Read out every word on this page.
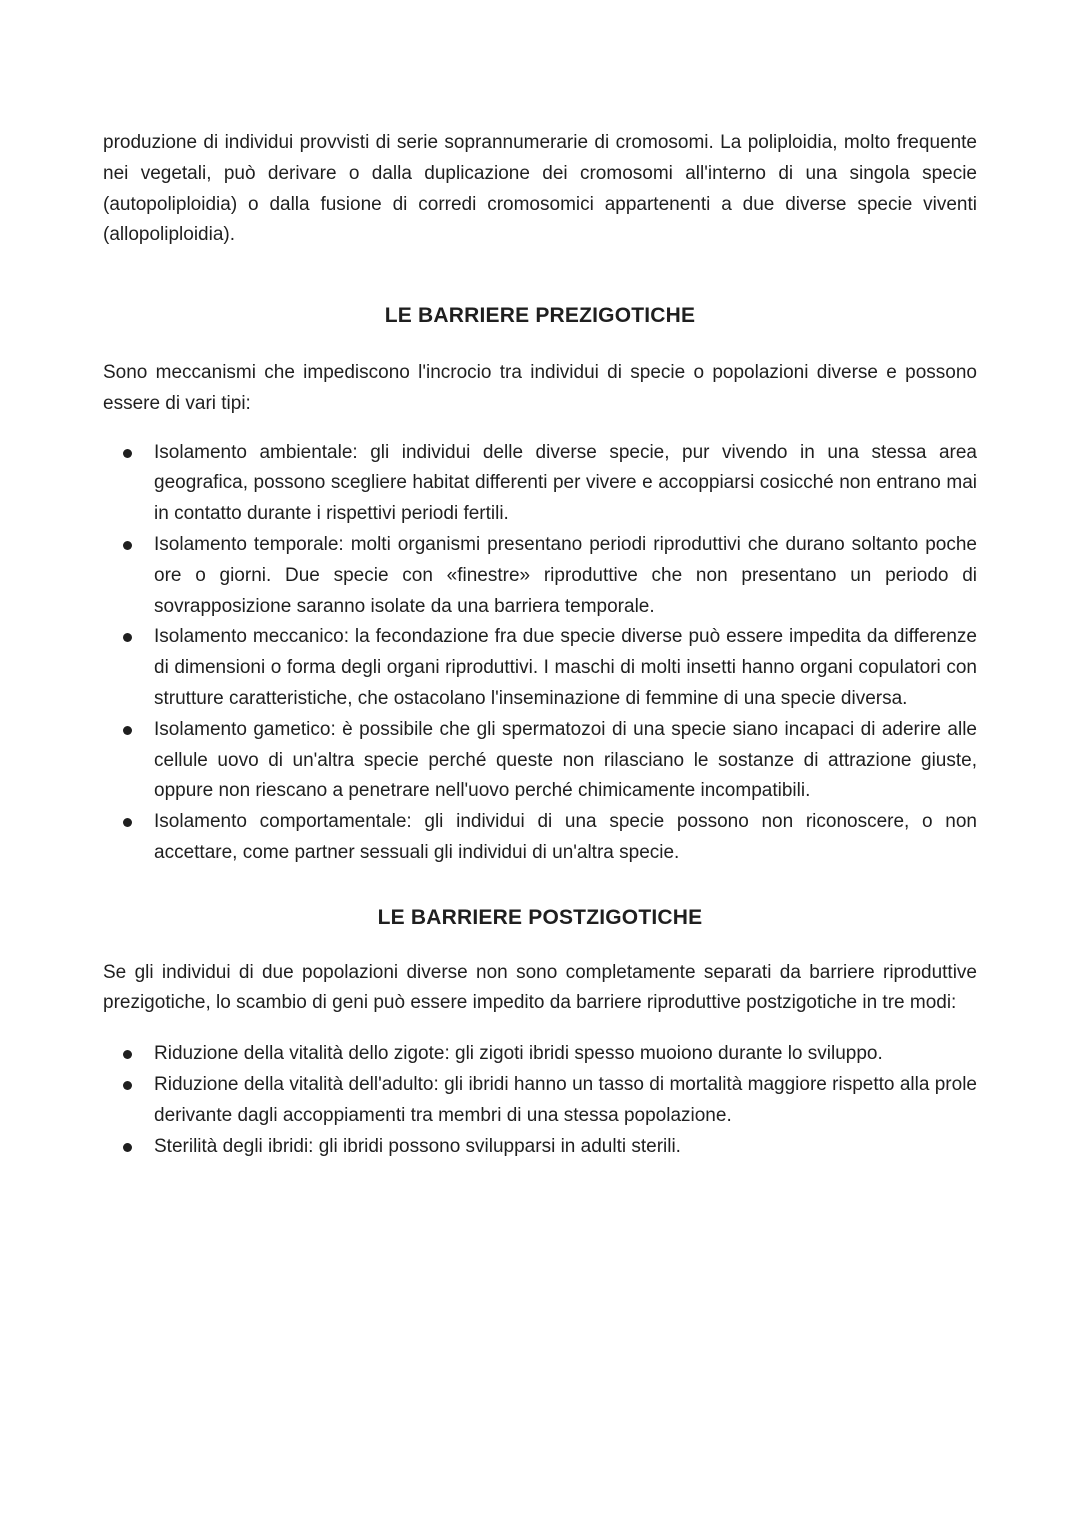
produzione di individui provvisti di serie soprannumerarie di cromosomi. La poliploidia, molto frequente nei vegetali, può derivare o dalla duplicazione dei cromosomi all'interno di una singola specie (autopoliploidia) o dalla fusione di corredi cromosomici appartenenti a due diverse specie viventi (allopoliploidia).

LE BARRIERE PREZIGOTICHE

Sono meccanismi che impediscono l'incrocio tra individui di specie o popolazioni diverse e possono essere di vari tipi:

Isolamento ambientale: gli individui delle diverse specie, pur vivendo in una stessa area geografica, possono scegliere habitat differenti per vivere e accoppiarsi cosicché non entrano mai in contatto durante i rispettivi periodi fertili.
Isolamento temporale: molti organismi presentano periodi riproduttivi che durano soltanto poche ore o giorni. Due specie con «finestre» riproduttive che non presentano un periodo di sovrapposizione saranno isolate da una barriera temporale.
Isolamento meccanico: la fecondazione fra due specie diverse può essere impedita da differenze di dimensioni o forma degli organi riproduttivi. I maschi di molti insetti hanno organi copulatori con strutture caratteristiche, che ostacolano l'inseminazione di femmine di una specie diversa.
Isolamento gametico: è possibile che gli spermatozoi di una specie siano incapaci di aderire alle cellule uovo di un'altra specie perché queste non rilasciano le sostanze di attrazione giuste, oppure non riescano a penetrare nell'uovo perché chimicamente incompatibili.
Isolamento comportamentale: gli individui di una specie possono non riconoscere, o non accettare, come partner sessuali gli individui di un'altra specie.
LE BARRIERE POSTZIGOTICHE

Se gli individui di due popolazioni diverse non sono completamente separati da barriere riproduttive prezigotiche, lo scambio di geni può essere impedito da barriere riproduttive postzigotiche in tre modi:

Riduzione della vitalità dello zigote: gli zigoti ibridi spesso muoiono durante lo sviluppo.
Riduzione della vitalità dell'adulto: gli ibridi hanno un tasso di mortalità maggiore rispetto alla prole derivante dagli accoppiamenti tra membri di una stessa popolazione.
Sterilità degli ibridi: gli ibridi possono svilupparsi in adulti sterili.
